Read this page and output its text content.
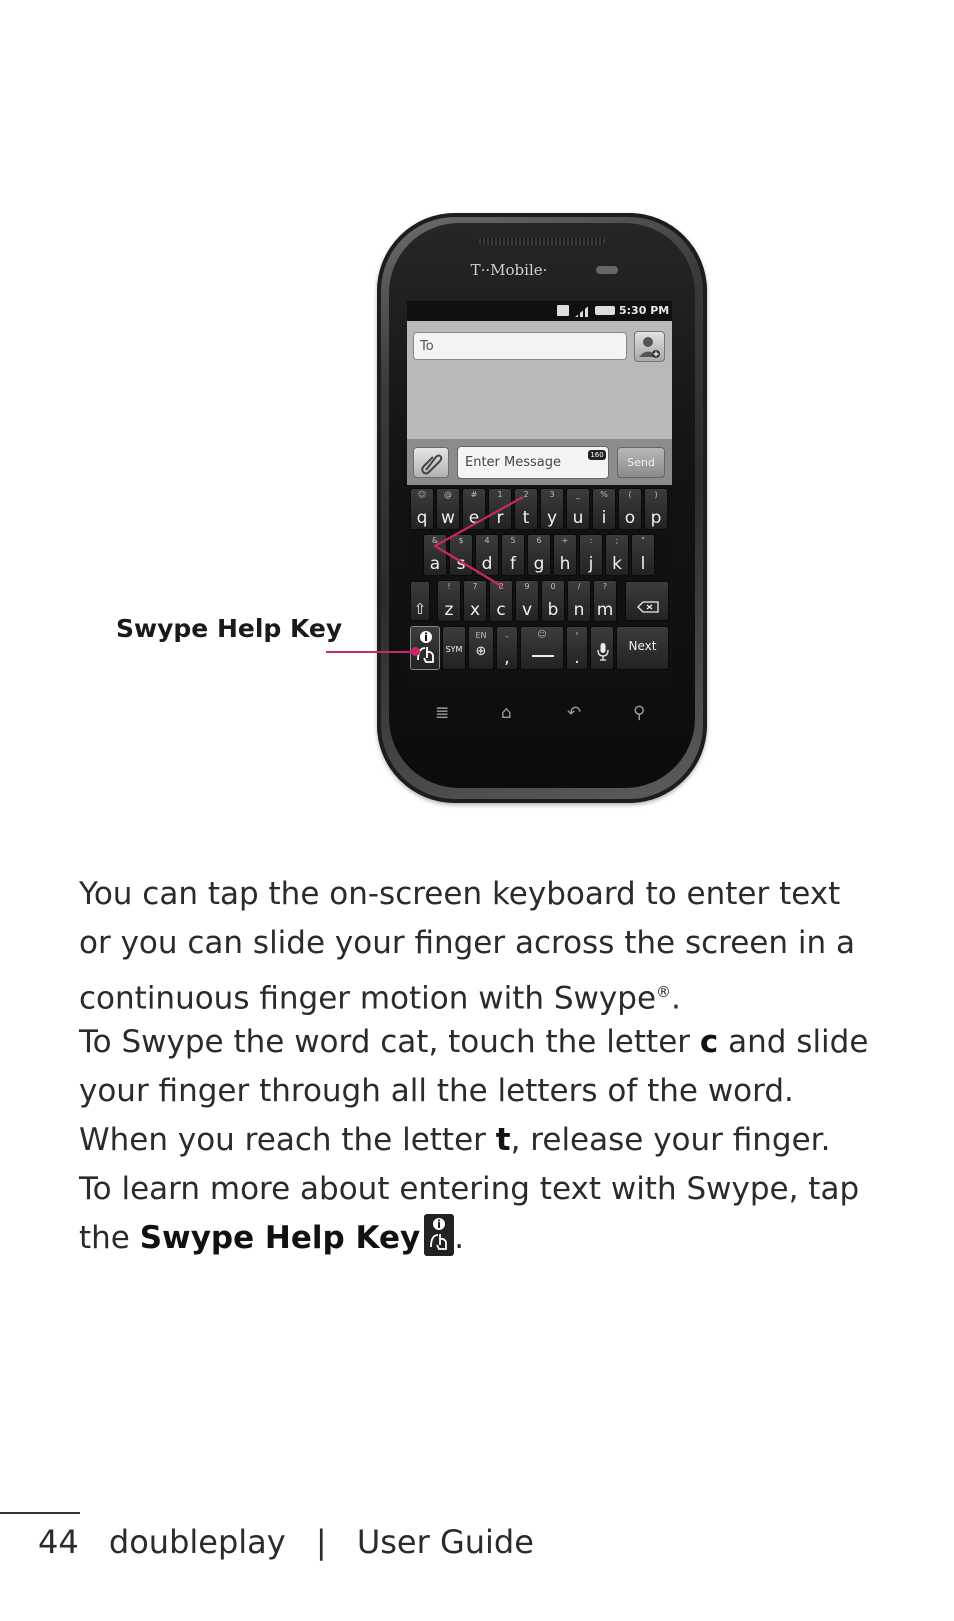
T··Mobile·
5:30 PM
To
Enter Message	160
Send
☺
q
@
w
#
e
1
r
2
t
3
y
_
u
%
i
(
o
)
p
&
a
$
s
4
d
5
f
6
g
+
h
:
j
;
k
"
l
⇧
!
z
7
x
8
c
9
v
0
b
/
n
?
m
SYM
EN
⊕
–
,
☺	'
.
Next
≣	⌂	↶	⚲
Swype Help Key

You can tap the on-screen keyboard to enter text or you can slide your finger across the screen in a continuous finger motion with Swype®.

To Swype the word cat, touch the letter c and slide your finger through all the letters of the word. When you reach the letter t, release your finger. To learn more about entering text with Swype, tap the Swype Help Key .

44 doubleplay | User Guide
